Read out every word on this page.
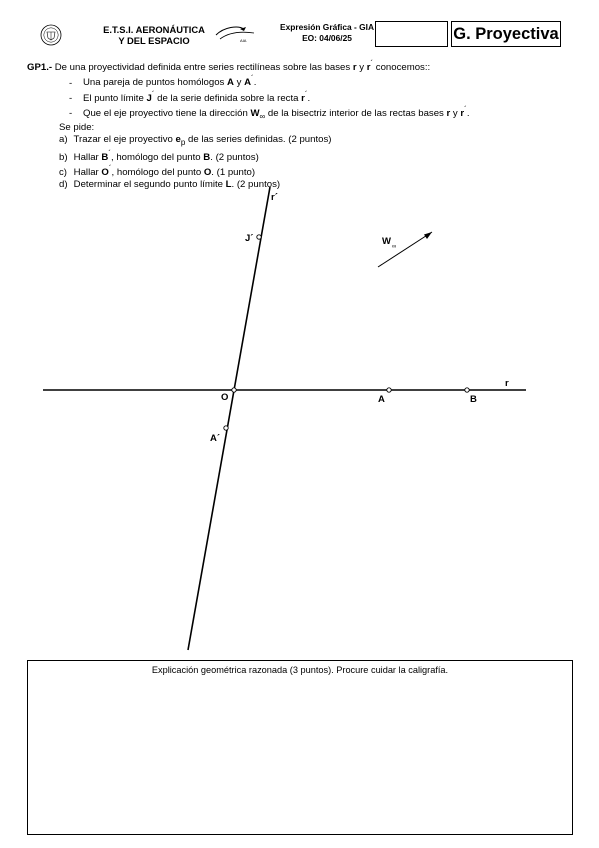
E.T.S.I. AERONÁUTICA
Y DEL ESPACIO	AIA
Expresión Gráfica - GIA
EO: 04/06/25	G. Proyectiva
GP1.- De una proyectividad definida entre series rectilíneas sobre las bases r y r´ conocemos::
- Una pareja de puntos homólogos A y A´.
- El punto límite J´ de la serie definida sobre la recta r´.
- Que el eje proyectivo tiene la dirección $W_\infty$ de la bisectriz interior de las rectas bases r y r´.
Se pide:
a) Trazar el eje proyectivo $e_p$ de las series definidas. (2 puntos)
b) Hallar B´, homólogo del punto B. (2 puntos)
c) Hallar O´, homólogo del punto O. (1 punto)
d) Determinar el segundo punto límite L. (2 puntos)
r´
J´	W ∞
r
O	A	B
A´
Explicación geométrica razonada (3 puntos). Procure cuidar la caligrafía.
